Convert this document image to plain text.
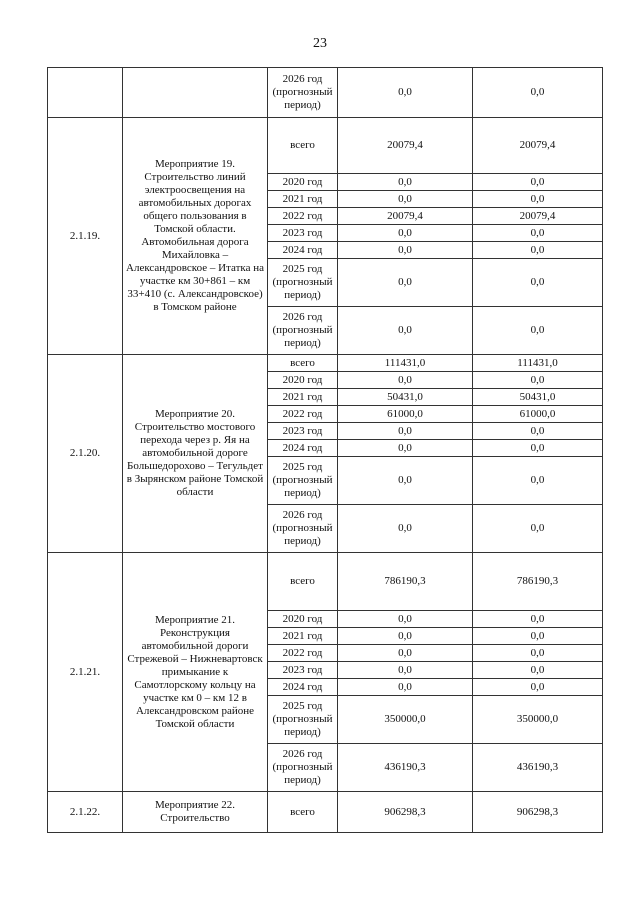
23
		2026 год (прогнозный период)	0,0	0,0
2.1.19.	Мероприятие 19. Строительство линий электроосвещения на автомобильных дорогах общего пользования в Томской области. Автомобильная дорога Михайловка – Александровское – Итатка на участке км 30+861 – км 33+410 (с. Александровское) в Томском районе	всего	20079,4	20079,4
		2020 год	0,0	0,0
		2021 год	0,0	0,0
		2022 год	20079,4	20079,4
		2023 год	0,0	0,0
		2024 год	0,0	0,0
		2025 год (прогнозный период)	0,0	0,0
		2026 год (прогнозный период)	0,0	0,0
2.1.20.	Мероприятие 20. Строительство мостового перехода через р. Яя на автомобильной дороге Большедорохово – Тегульдет в Зырянском районе Томской области	всего	111431,0	111431,0
		2020 год	0,0	0,0
		2021 год	50431,0	50431,0
		2022 год	61000,0	61000,0
		2023 год	0,0	0,0
		2024 год	0,0	0,0
		2025 год (прогнозный период)	0,0	0,0
		2026 год (прогнозный период)	0,0	0,0
2.1.21.	Мероприятие 21. Реконструкция автомобильной дороги Стрежевой – Нижневартовск примыкание к Самотлорскому кольцу на участке км 0 – км 12 в Александровском районе Томской области	всего	786190,3	786190,3
		2020 год	0,0	0,0
		2021 год	0,0	0,0
		2022 год	0,0	0,0
		2023 год	0,0	0,0
		2024 год	0,0	0,0
		2025 год (прогнозный период)	350000,0	350000,0
		2026 год (прогнозный период)	436190,3	436190,3
2.1.22.	Мероприятие 22. Строительство	всего	906298,3	906298,3
